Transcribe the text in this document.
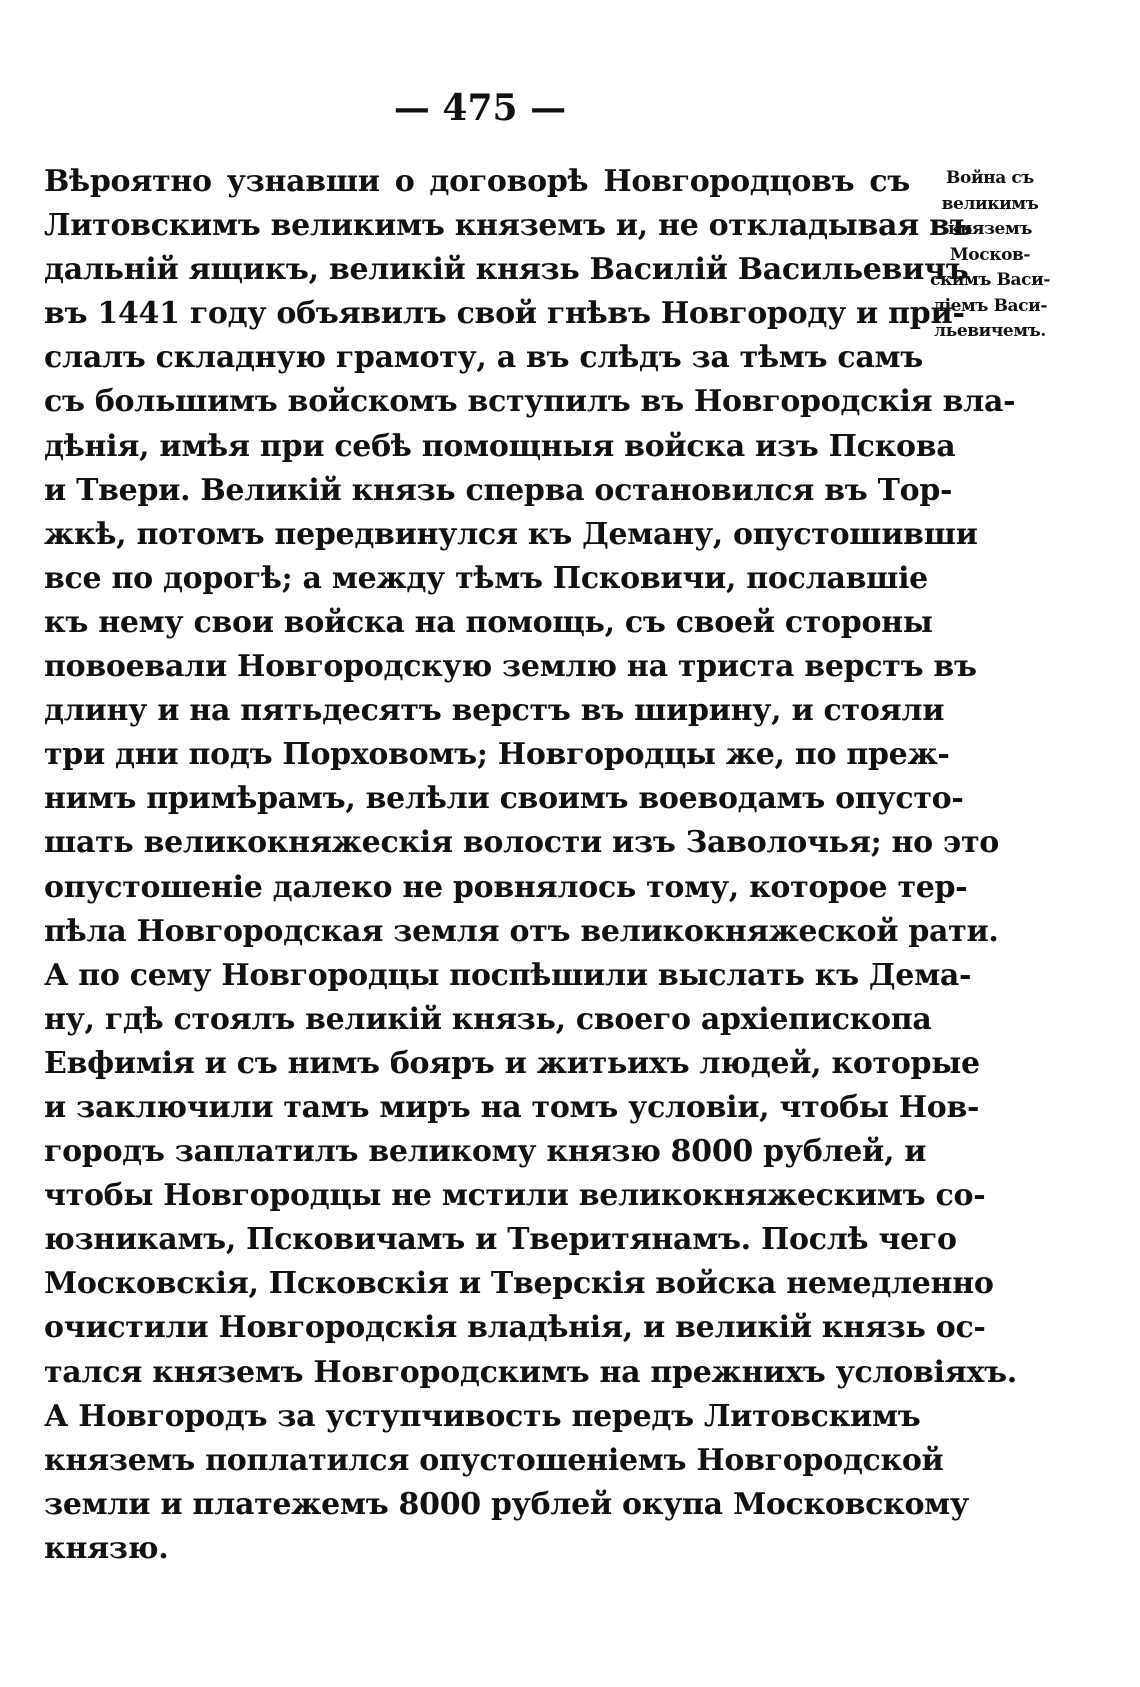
— 475 —
Вѣроятно узнавши о договорѣ Новгородцовъ съ
Литовскимъ великимъ княземъ и, не откладывая въ
дальній ящикъ, великій князь Василій Васильевичъ
въ 1441 году объявилъ свой гнѣвъ Новгороду и при-
слалъ складную грамоту, а въ слѣдъ за тѣмъ самъ
съ большимъ войскомъ вступилъ въ Новгородскія вла-
дѣнія, имѣя при себѣ помощныя войска изъ Пскова
и Твери. Великій князь сперва остановился въ Тор-
жкѣ, потомъ передвинулся къ Деману, опустошивши
все по дорогѣ; а между тѣмъ Псковичи, пославшіе
къ нему свои войска на помощь, съ своей стороны
повоевали Новгородскую землю на триста верстъ въ
длину и на пятьдесятъ верстъ въ ширину, и стояли
три дни подъ Порховомъ; Новгородцы же, по преж-
нимъ примѣрамъ, велѣли своимъ воеводамъ опусто-
шать великокняжескія волости изъ Заволочья; но это
опустошеніе далеко не ровнялось тому, которое тер-
пѣла Новгородская земля отъ великокняжеской рати.
А по сему Новгородцы поспѣшили выслать къ Дема-
ну, гдѣ стоялъ великій князь, своего архіепископа
Евфимія и съ нимъ бояръ и житьихъ людей, которые
и заключили тамъ миръ на томъ условіи, чтобы Нов-
городъ заплатилъ великому князю 8000 рублей, и
чтобы Новгородцы не мстили великокняжескимъ со-
юзникамъ, Псковичамъ и Тверитянамъ. Послѣ чего
Московскія, Псковскія и Тверскія войска немедленно
очистили Новгородскія владѣнія, и великій князь ос-
тался княземъ Новгородскимъ на прежнихъ условіяхъ.
А Новгородъ за уступчивость передъ Литовскимъ
княземъ поплатился опустошеніемъ Новгородской
земли и платежемъ 8000 рублей окупа Московскому
князю.
Война съ
великимъ
княземъ
Москов-
скимъ Васи-
ліемъ Васи-
льевичемъ.
